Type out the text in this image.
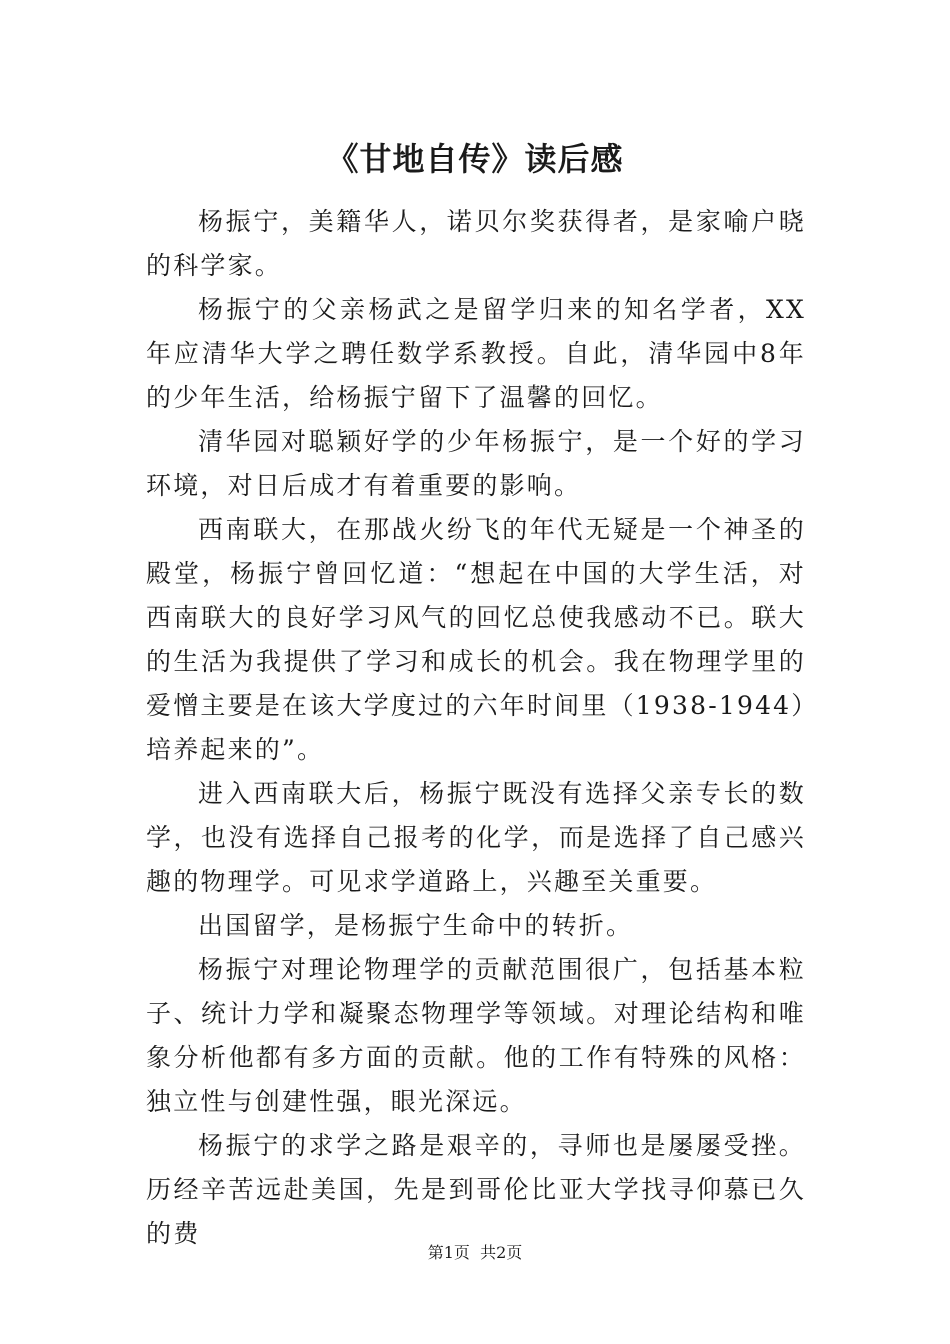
《甘地自传》读后感

杨振宁，美籍华人，诺贝尔奖获得者，是家喻户晓的科学家。

杨振宁的父亲杨武之是留学归来的知名学者，XX年应清华大学之聘任数学系教授。自此，清华园中8年的少年生活，给杨振宁留下了温馨的回忆。

清华园对聪颖好学的少年杨振宁，是一个好的学习环境，对日后成才有着重要的影响。

西南联大，在那战火纷飞的年代无疑是一个神圣的殿堂，杨振宁曾回忆道：“想起在中国的大学生活，对西南联大的良好学习风气的回忆总使我感动不已。联大的生活为我提供了学习和成长的机会。我在物理学里的爱憎主要是在该大学度过的六年时间里（1938-1944）培养起来的”。

进入西南联大后，杨振宁既没有选择父亲专长的数学，也没有选择自己报考的化学，而是选择了自己感兴趣的物理学。可见求学道路上，兴趣至关重要。

出国留学，是杨振宁生命中的转折。

杨振宁对理论物理学的贡献范围很广，包括基本粒子、统计力学和凝聚态物理学等领域。对理论结构和唯象分析他都有多方面的贡献。他的工作有特殊的风格：独立性与创建性强，眼光深远。

杨振宁的求学之路是艰辛的，寻师也是屡屡受挫。历经辛苦远赴美国，先是到哥伦比亚大学找寻仰慕已久的费

第1页  共2页
